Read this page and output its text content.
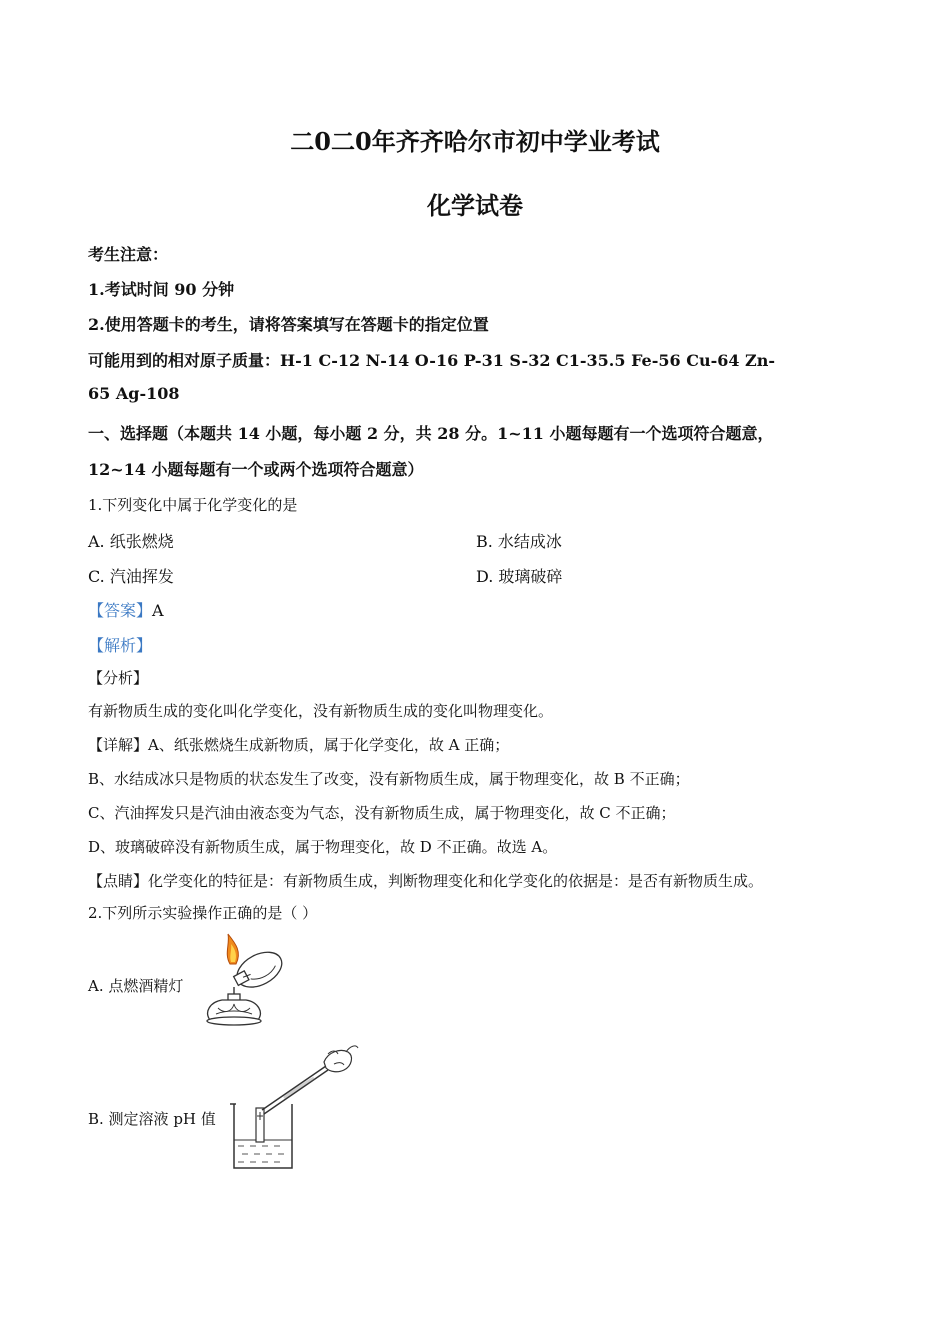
二0二0年齐齐哈尔市初中学业考试
化学试卷
考生注意：
1.考试时间 90 分钟
2.使用答题卡的考生，请将答案填写在答题卡的指定位置
可能用到的相对原子质量：H-1 C-12 N-14 O-16 P-31 S-32 C1-35.5 Fe-56 Cu-64 Zn-
65 Ag-108
一、选择题（本题共 14 小题，每小题 2 分，共 28 分。1~11 小题每题有一个选项符合题意，
12~14 小题每题有一个或两个选项符合题意）
1.下列变化中属于化学变化的是
A. 纸张燃烧	B. 水结成冰
C. 汽油挥发	D. 玻璃破碎
【答案】A
【解析】
【分析】
有新物质生成的变化叫化学变化，没有新物质生成的变化叫物理变化。
【详解】A、纸张燃烧生成新物质，属于化学变化，故 A 正确；
B、水结成冰只是物质的状态发生了改变，没有新物质生成，属于物理变化，故 B 不正确；
C、汽油挥发只是汽油由液态变为气态，没有新物质生成，属于物理变化，故 C 不正确；
D、玻璃破碎没有新物质生成，属于物理变化，故 D 不正确。故选 A。
【点睛】化学变化的特征是：有新物质生成，判断物理变化和化学变化的依据是：是否有新物质生成。
2.下列所示实验操作正确的是（ ）
A. 点燃酒精灯
B. 测定溶液 pH 值
